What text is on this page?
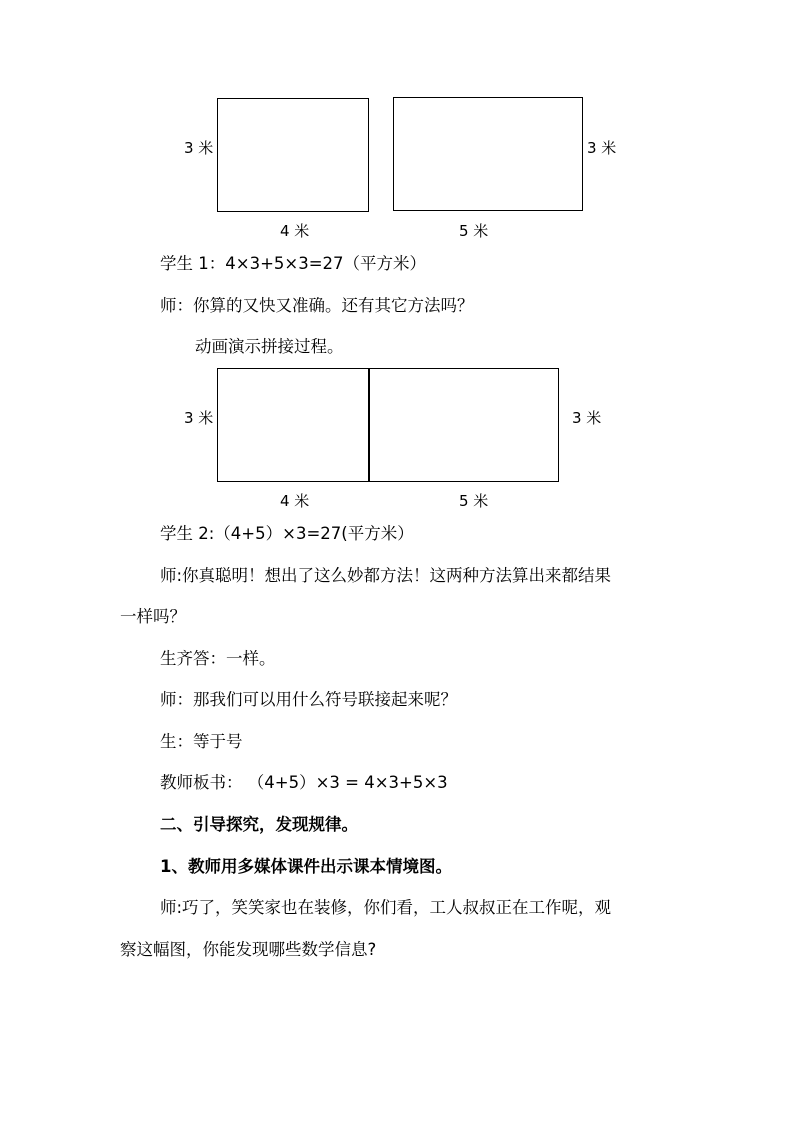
3 米
4 米	5 米
3 米
学生 1：4×3+5×3=27（平方米）
师：你算的又快又准确。还有其它方法吗？
动画演示拼接过程。
3 米
4 米	5 米
3 米
学生 2:（4+5）×3=27(平方米）
师:你真聪明！想出了这么妙都方法！这两种方法算出来都结果
一样吗？
生齐答：一样。
师：那我们可以用什么符号联接起来呢？
生：等于号
教师板书： （4+5）×3 = 4×3+5×3
二、引导探究，发现规律。
1、教师用多媒体课件出示课本情境图。
师:巧了，笑笑家也在装修，你们看，工人叔叔正在工作呢，观
察这幅图，你能发现哪些数学信息?
